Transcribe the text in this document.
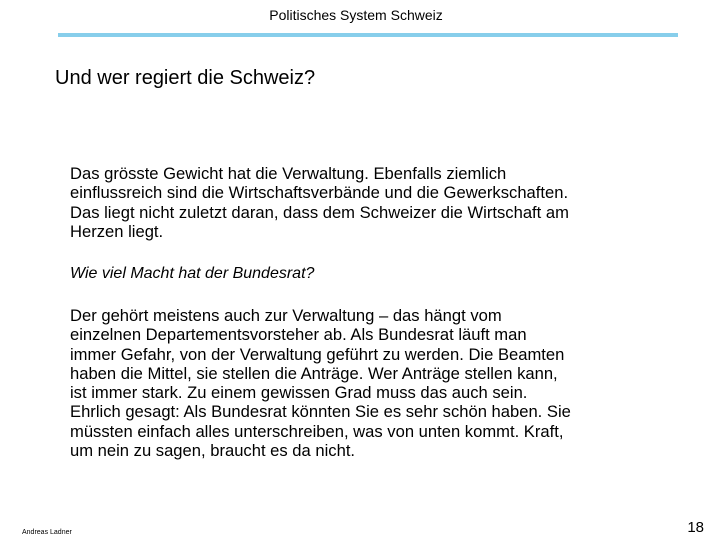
Politisches System Schweiz
Und wer regiert die Schweiz?
Das grösste Gewicht hat die Verwaltung. Ebenfalls ziemlich
einflussreich sind die Wirtschaftsverbände und die Gewerkschaften.
Das liegt nicht zuletzt daran, dass dem Schweizer die Wirtschaft am
Herzen liegt.
Wie viel Macht hat der Bundesrat?
Der gehört meistens auch zur Verwaltung – das hängt vom
einzelnen Departementsvorsteher ab. Als Bundesrat läuft man
immer Gefahr, von der Verwaltung geführt zu werden. Die Beamten
haben die Mittel, sie stellen die Anträge. Wer Anträge stellen kann,
ist immer stark. Zu einem gewissen Grad muss das auch sein.
Ehrlich gesagt: Als Bundesrat könnten Sie es sehr schön haben. Sie
müssten einfach alles unterschreiben, was von unten kommt. Kraft,
um nein zu sagen, braucht es da nicht.
Andreas Ladner	18
